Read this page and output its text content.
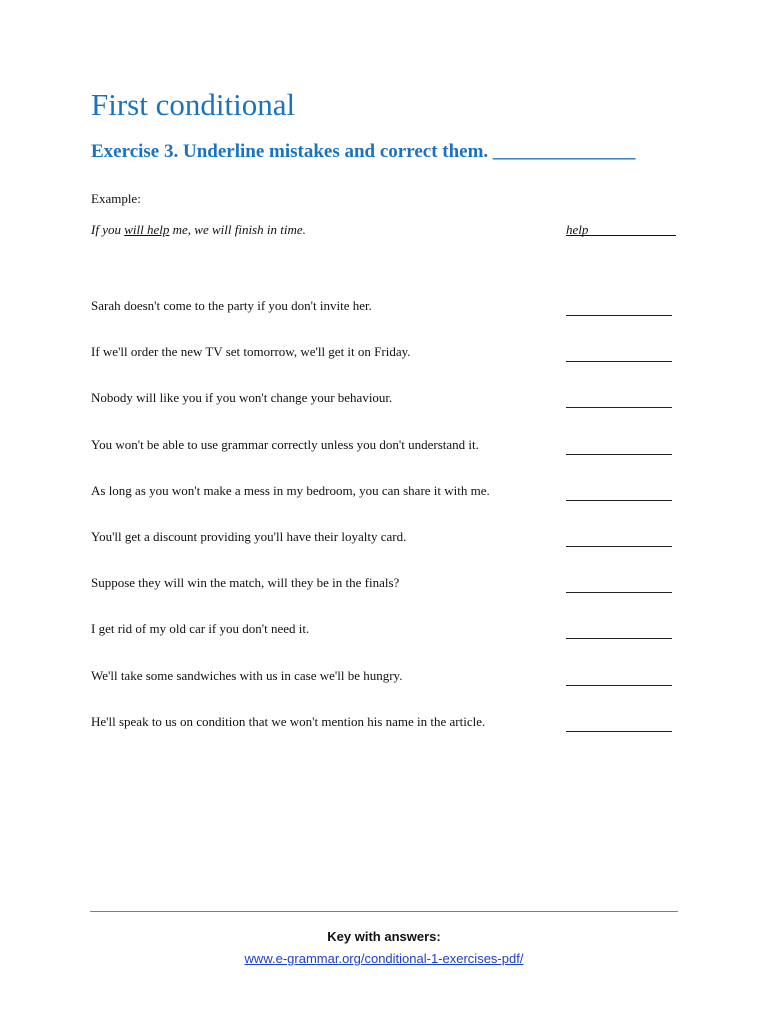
First conditional
Exercise 3. Underline mistakes and correct them. _______________
Example:
If you will help me, we will finish in time.	help
Sarah doesn't come to the party if you don't invite her.
If we'll order the new TV set tomorrow, we'll get it on Friday.
Nobody will like you if you won't change your behaviour.
You won't be able to use grammar correctly unless you don't understand it.
As long as you won't make a mess in my bedroom, you can share it with me.
You'll get a discount providing you'll have their loyalty card.
Suppose they will win the match, will they be in the finals?
I get rid of my old car if you don't need it.
We'll take some sandwiches with us in case we'll be hungry.
He'll speak to us on condition that we won't mention his name in the article.
Key with answers:
www.e-grammar.org/conditional-1-exercises-pdf/
